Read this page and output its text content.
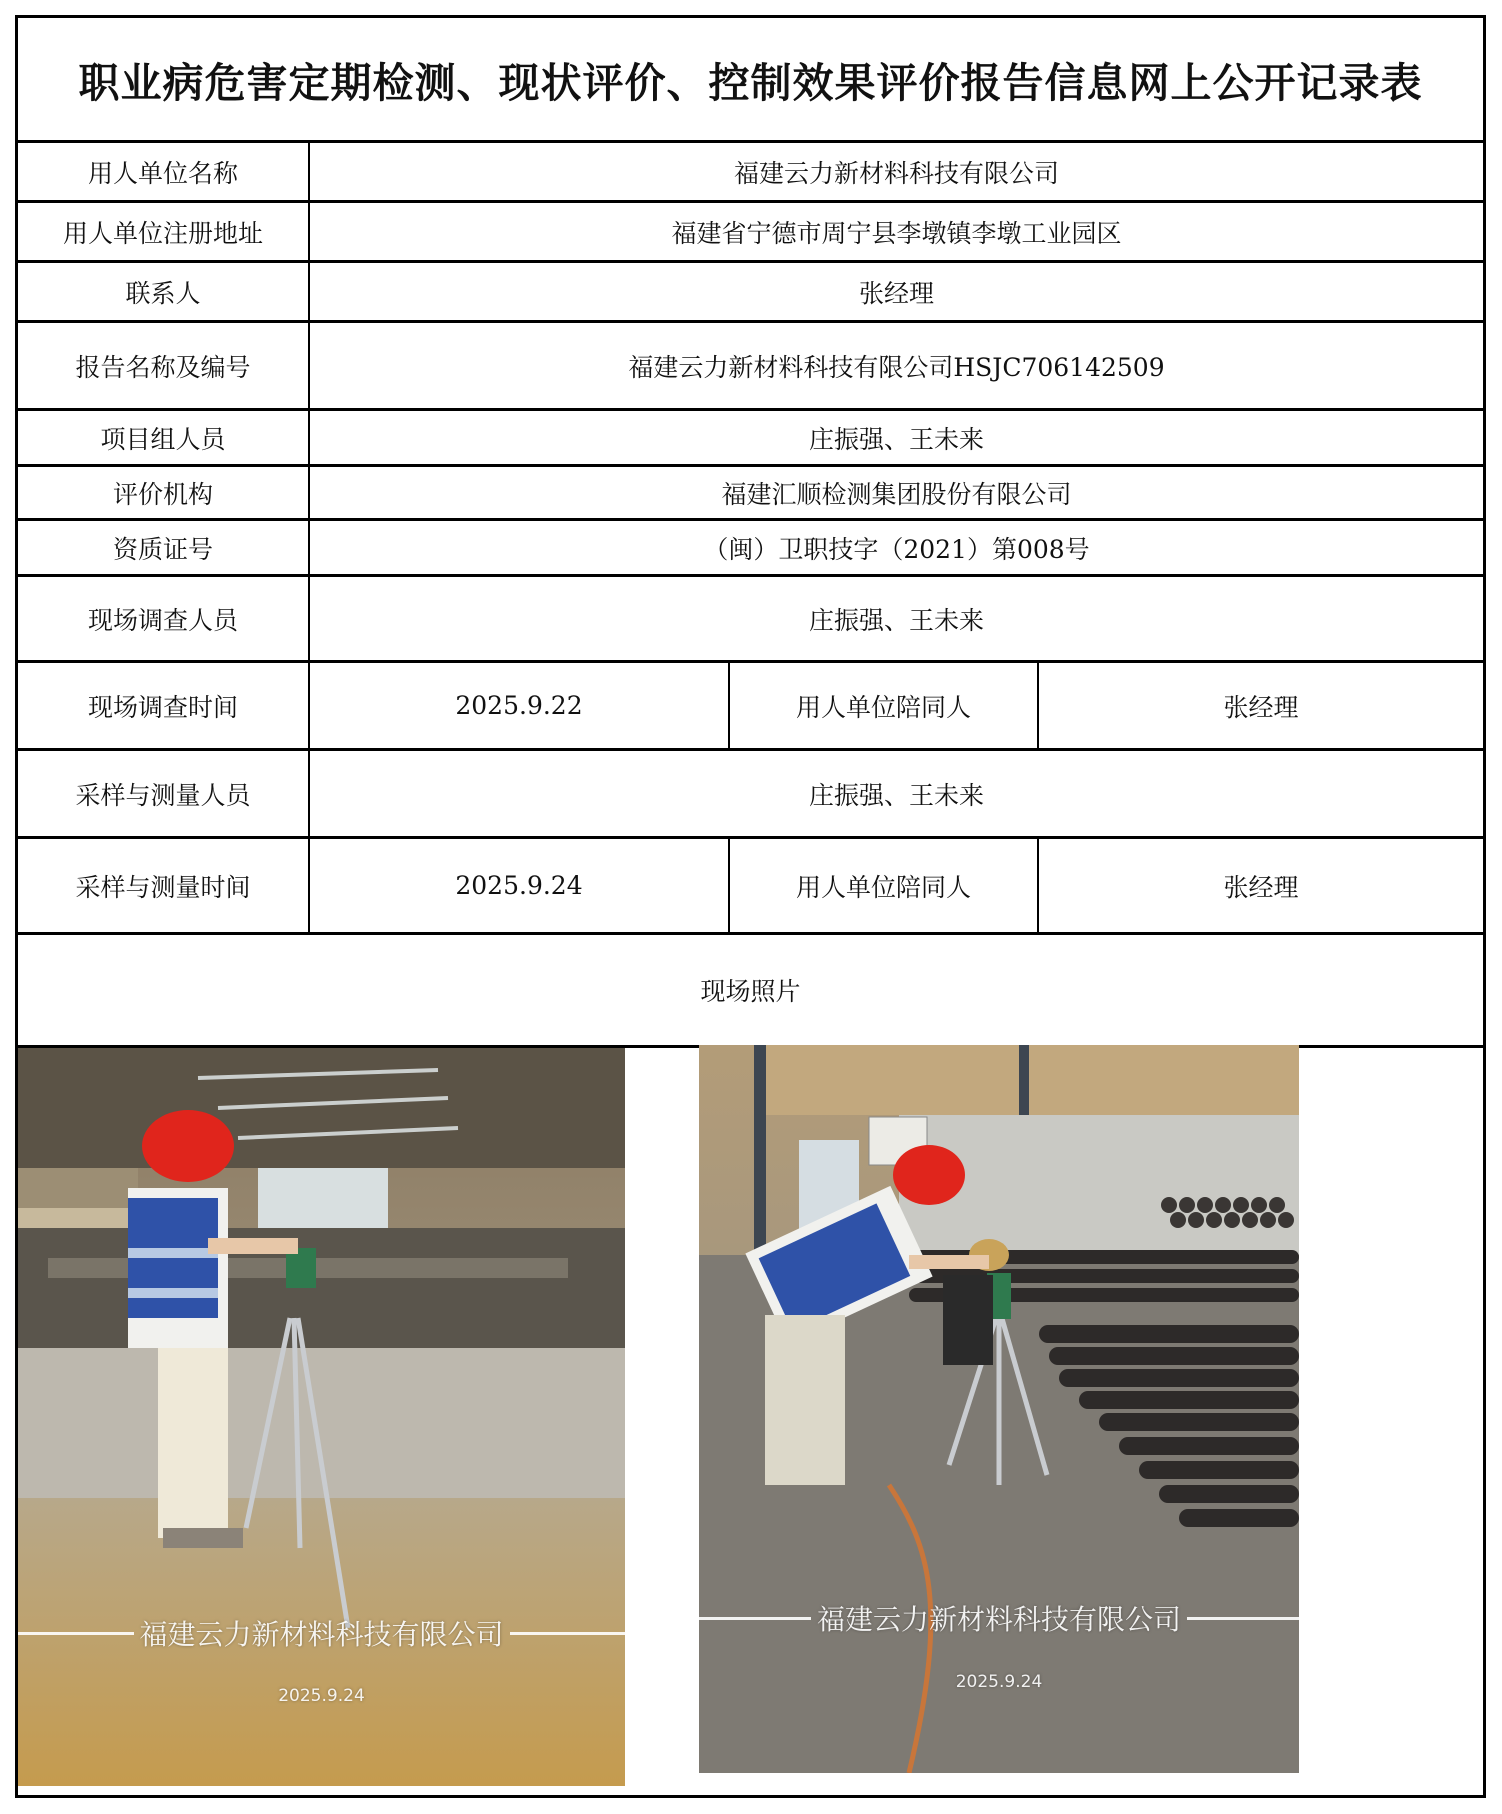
职业病危害定期检测、现状评价、控制效果评价报告信息网上公开记录表
用人单位名称	福建云力新材料科技有限公司
用人单位注册地址	福建省宁德市周宁县李墩镇李墩工业园区
联系人	张经理
报告名称及编号	福建云力新材料科技有限公司HSJC706142509
项目组人员	庄振强、王未来
评价机构	福建汇顺检测集团股份有限公司
资质证号	（闽）卫职技字（2021）第008号
现场调查人员	庄振强、王未来
现场调查时间	2025.9.22	用人单位陪同人	张经理
采样与测量人员	庄振强、王未来
采样与测量时间	2025.9.24	用人单位陪同人	张经理
现场照片
福建云力新材料科技有限公司
2025.9.24
福建云力新材料科技有限公司
2025.9.24
